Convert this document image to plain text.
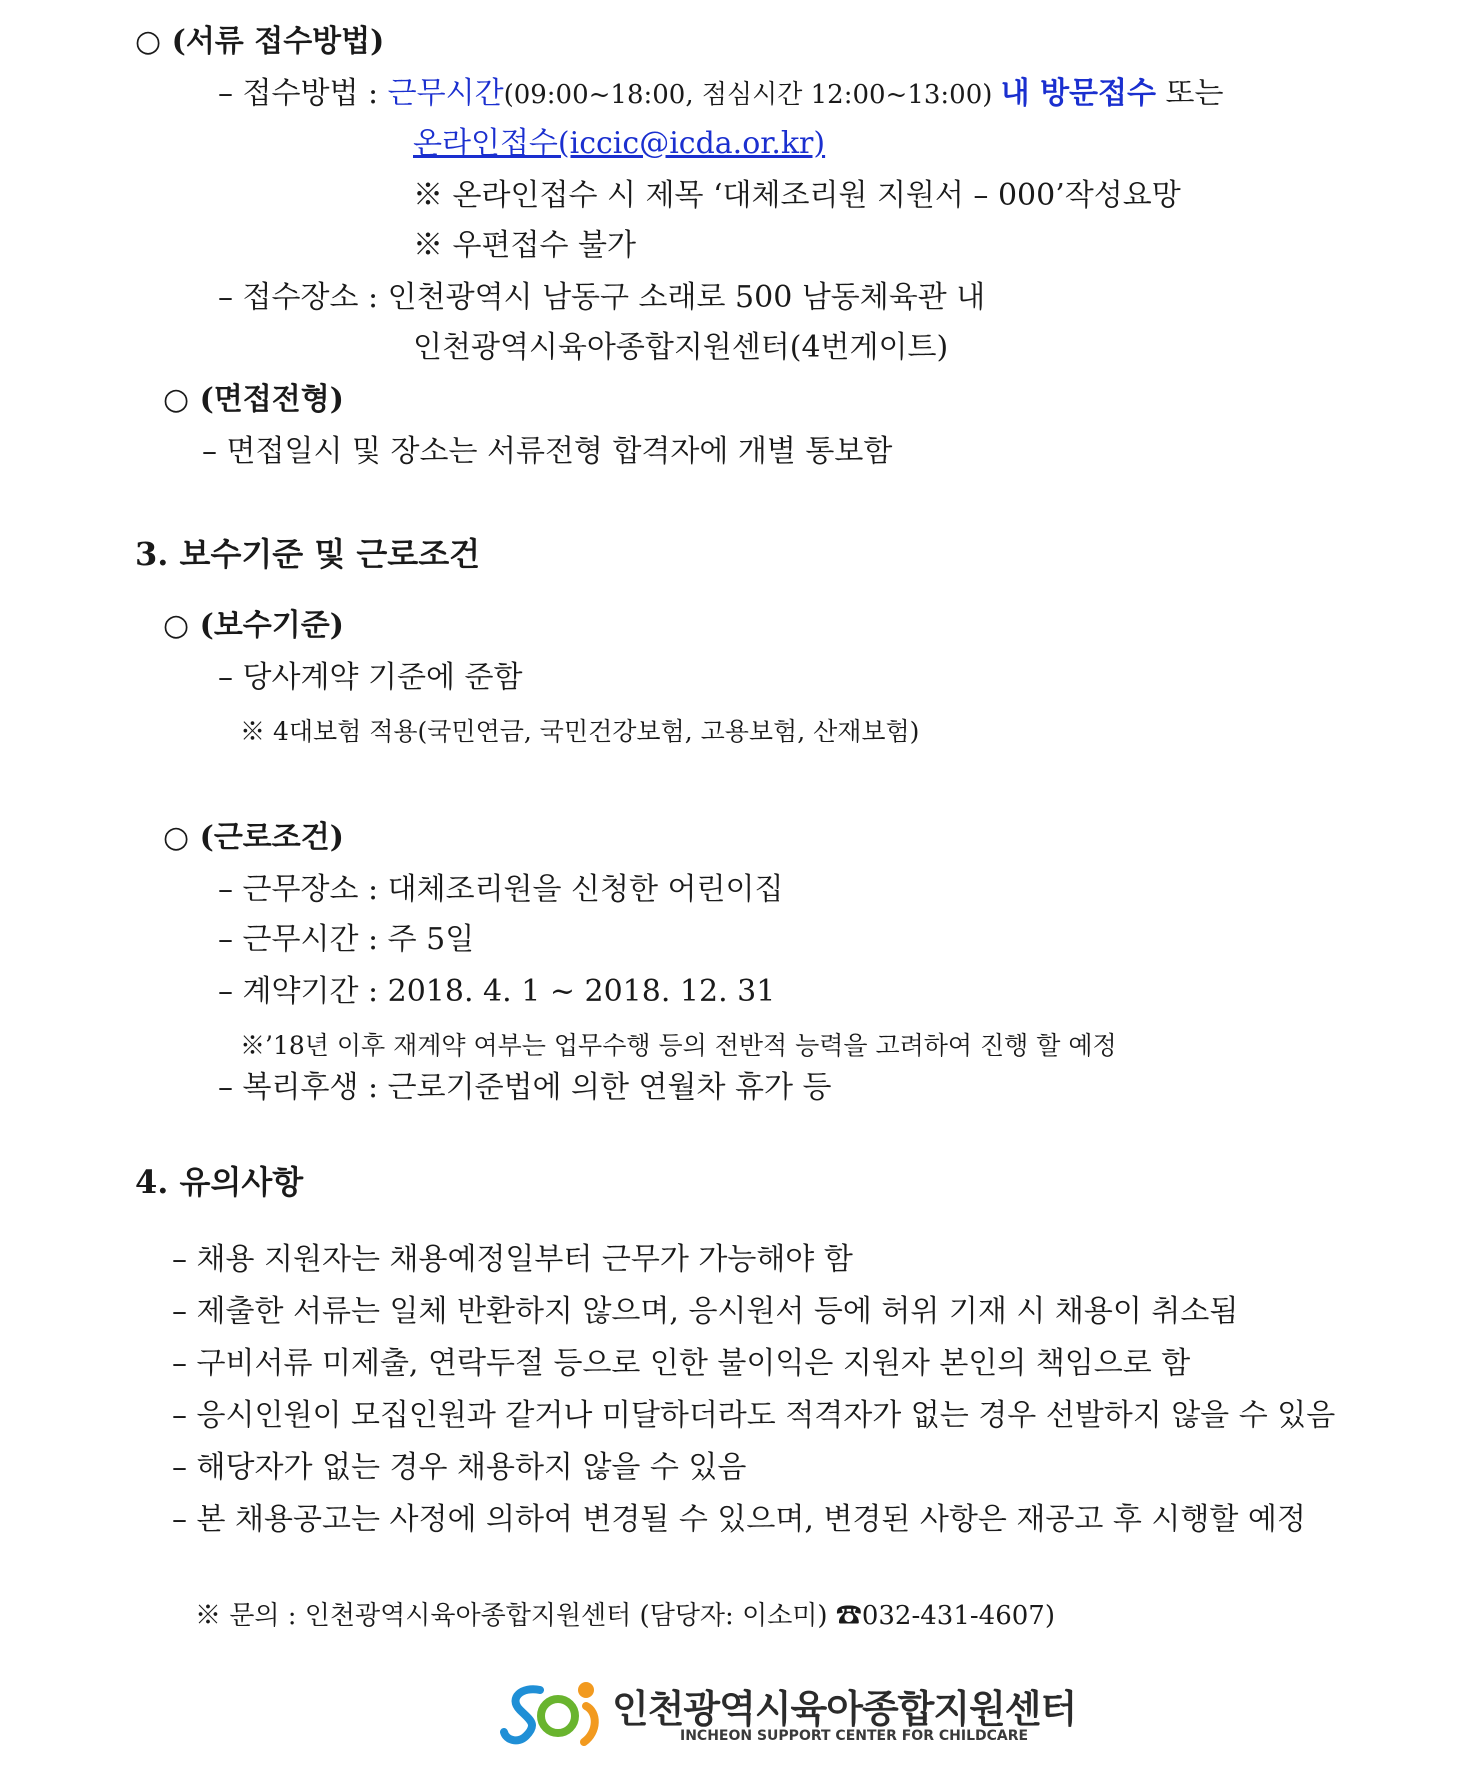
○ (서류 접수방법)
– 접수방법 : 근무시간(09:00~18:00, 점심시간 12:00~13:00) 내 방문접수 또는
온라인접수(iccic@icda.or.kr)
※ 온라인접수 시 제목 ‘대체조리원 지원서 – 000’작성요망
※ 우편접수 불가
– 접수장소 : 인천광역시 남동구 소래로 500 남동체육관 내
인천광역시육아종합지원센터(4번게이트)
○ (면접전형)
– 면접일시 및 장소는 서류전형 합격자에 개별 통보함
3. 보수기준 및 근로조건
○ (보수기준)
– 당사계약 기준에 준함
※ 4대보험 적용(국민연금, 국민건강보험, 고용보험, 산재보험)
○ (근로조건)
– 근무장소 : 대체조리원을 신청한 어린이집
– 근무시간 : 주 5일
– 계약기간 : 2018. 4. 1 ~ 2018. 12. 31
※’18년 이후 재계약 여부는 업무수행 등의 전반적 능력을 고려하여 진행 할 예정
– 복리후생 : 근로기준법에 의한 연월차 휴가 등
4. 유의사항
– 채용 지원자는 채용예정일부터 근무가 가능해야 함
– 제출한 서류는 일체 반환하지 않으며, 응시원서 등에 허위 기재 시 채용이 취소됨
– 구비서류 미제출, 연락두절 등으로 인한 불이익은 지원자 본인의 책임으로 함
– 응시인원이 모집인원과 같거나 미달하더라도 적격자가 없는 경우 선발하지 않을 수 있음
– 해당자가 없는 경우 채용하지 않을 수 있음
– 본 채용공고는 사정에 의하여 변경될 수 있으며, 변경된 사항은 재공고 후 시행할 예정
※ 문의 : 인천광역시육아종합지원센터 (담당자: 이소미) ☎032-431-4607)
인천광역시육아종합지원센터
INCHEON SUPPORT CENTER FOR CHILDCARE
